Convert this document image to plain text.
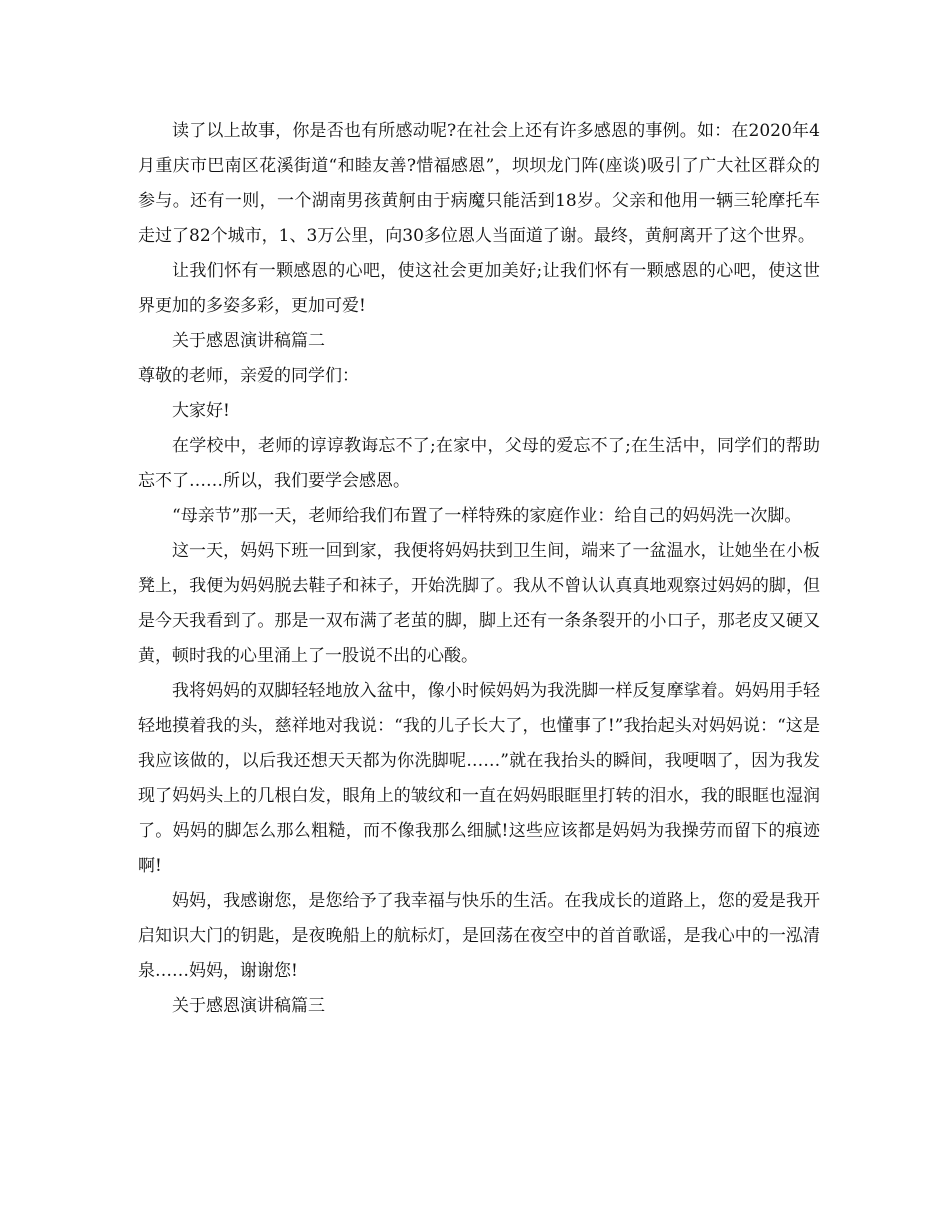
读了以上故事，你是否也有所感动呢?在社会上还有许多感恩的事例。如：在2020年4月重庆市巴南区花溪街道“和睦友善?惜福感恩”，坝坝龙门阵(座谈)吸引了广大社区群众的参与。还有一则，一个湖南男孩黄舸由于病魔只能活到18岁。父亲和他用一辆三轮摩托车走过了82个城市，1、3万公里，向30多位恩人当面道了谢。最终，黄舸离开了这个世界。

让我们怀有一颗感恩的心吧，使这社会更加美好;让我们怀有一颗感恩的心吧，使这世界更加的多姿多彩，更加可爱!

关于感恩演讲稿篇二

尊敬的老师，亲爱的同学们：

大家好!

在学校中，老师的谆谆教诲忘不了;在家中，父母的爱忘不了;在生活中，同学们的帮助忘不了……所以，我们要学会感恩。

“母亲节”那一天，老师给我们布置了一样特殊的家庭作业：给自己的妈妈洗一次脚。

这一天，妈妈下班一回到家，我便将妈妈扶到卫生间，端来了一盆温水，让她坐在小板凳上，我便为妈妈脱去鞋子和袜子，开始洗脚了。我从不曾认认真真地观察过妈妈的脚，但是今天我看到了。那是一双布满了老茧的脚，脚上还有一条条裂开的小口子，那老皮又硬又黄，顿时我的心里涌上了一股说不出的心酸。

我将妈妈的双脚轻轻地放入盆中，像小时候妈妈为我洗脚一样反复摩挲着。妈妈用手轻轻地摸着我的头，慈祥地对我说：“我的儿子长大了，也懂事了!”我抬起头对妈妈说：“这是我应该做的，以后我还想天天都为你洗脚呢……”就在我抬头的瞬间，我哽咽了，因为我发现了妈妈头上的几根白发，眼角上的皱纹和一直在妈妈眼眶里打转的泪水，我的眼眶也湿润了。妈妈的脚怎么那么粗糙，而不像我那么细腻!这些应该都是妈妈为我操劳而留下的痕迹啊!

妈妈，我感谢您，是您给予了我幸福与快乐的生活。在我成长的道路上，您的爱是我开启知识大门的钥匙，是夜晚船上的航标灯，是回荡在夜空中的首首歌谣，是我心中的一泓清泉……妈妈，谢谢您!

关于感恩演讲稿篇三
